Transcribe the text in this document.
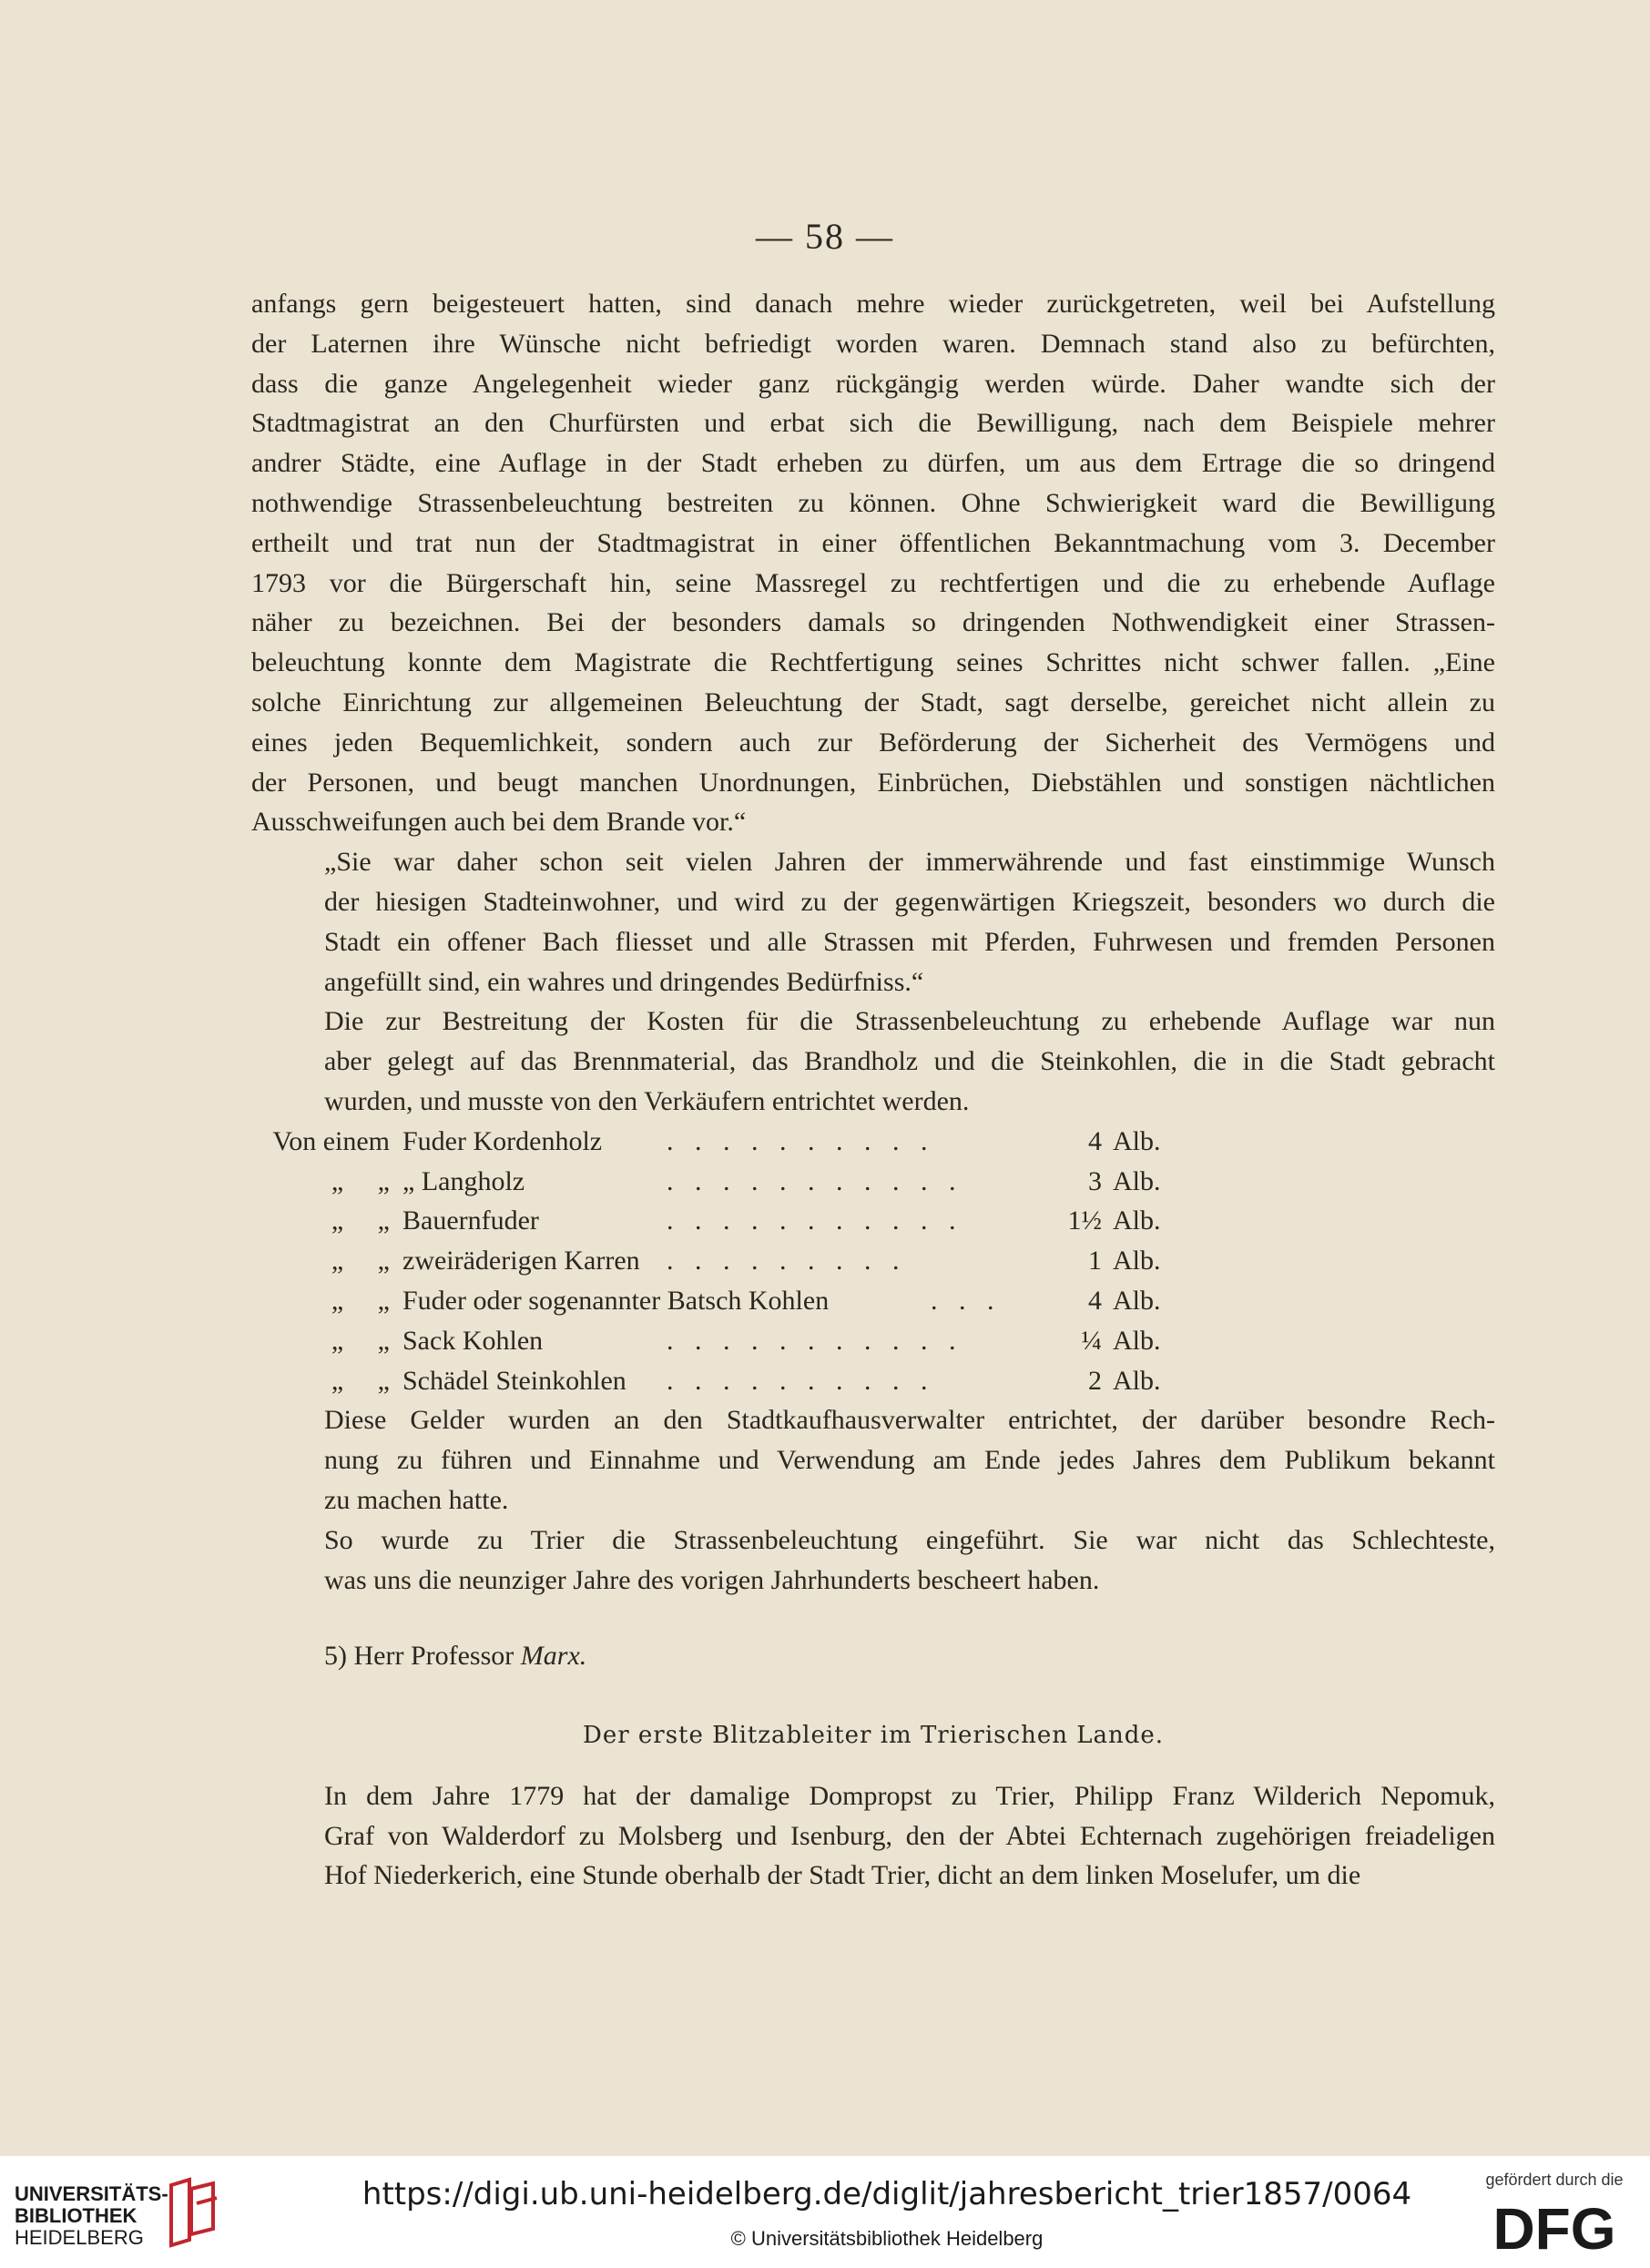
— 58 —

anfangs gern beigesteuert hatten, sind danach mehre wieder zurückgetreten, weil bei Aufstellung
der Laternen ihre Wünsche nicht befriedigt worden waren. Demnach stand also zu befürchten,
dass die ganze Angelegenheit wieder ganz rückgängig werden würde. Daher wandte sich der
Stadtmagistrat an den Churfürsten und erbat sich die Bewilligung, nach dem Beispiele mehrer
andrer Städte, eine Auflage in der Stadt erheben zu dürfen, um aus dem Ertrage die so dringend
nothwendige Strassenbeleuchtung bestreiten zu können. Ohne Schwierigkeit ward die Bewilligung
ertheilt und trat nun der Stadtmagistrat in einer öffentlichen Bekanntmachung vom 3. December
1793 vor die Bürgerschaft hin, seine Massregel zu rechtfertigen und die zu erhebende Auflage
näher zu bezeichnen. Bei der besonders damals so dringenden Nothwendigkeit einer Strassen-
beleuchtung konnte dem Magistrate die Rechtfertigung seines Schrittes nicht schwer fallen. „Eine
solche Einrichtung zur allgemeinen Beleuchtung der Stadt, sagt derselbe, gereichet nicht allein zu
eines jeden Bequemlichkeit, sondern auch zur Beförderung der Sicherheit des Vermögens und
der Personen, und beugt manchen Unordnungen, Einbrüchen, Diebstählen und sonstigen nächtlichen
Ausschweifungen auch bei dem Brande vor.“

„Sie war daher schon seit vielen Jahren der immerwährende und fast einstimmige Wunsch
der hiesigen Stadteinwohner, und wird zu der gegenwärtigen Kriegszeit, besonders wo durch die
Stadt ein offener Bach fliesset und alle Strassen mit Pferden, Fuhrwesen und fremden Personen
angefüllt sind, ein wahres und dringendes Bedürfniss.“

Die zur Bestreitung der Kosten für die Strassenbeleuchtung zu erhebende Auflage war nun
aber gelegt auf das Brennmaterial, das Brandholz und die Steinkohlen, die in die Stadt gebracht
wurden, und musste von den Verkäufern entrichtet werden.

Von einem Fuder Kordenholz	. . . . . . . . . .	4 Alb.
„     „ „ Langholz	. . . . . . . . . . .	3 Alb.
„     „ Bauernfuder	. . . . . . . . . . .	1½ Alb.
„     „ zweiräderigen Karren . . . . . . . . .	1 Alb.
„     „ Fuder oder sogenannter Batsch Kohlen	. . .	4 Alb.
„     „ Sack Kohlen	. . . . . . . . . . .	¼ Alb.
„     „ Schädel Steinkohlen	. . . . . . . . . .	2 Alb.

Diese Gelder wurden an den Stadtkaufhausverwalter entrichtet, der darüber besondre Rech-
nung zu führen und Einnahme und Verwendung am Ende jedes Jahres dem Publikum bekannt
zu machen hatte.

So wurde zu Trier die Strassenbeleuchtung eingeführt. Sie war nicht das Schlechteste,
was uns die neunziger Jahre des vorigen Jahrhunderts bescheert haben.

5) Herr Professor Marx.

Der erste Blitzableiter im Trierischen Lande.

In dem Jahre 1779 hat der damalige Dompropst zu Trier, Philipp Franz Wilderich Nepomuk,
Graf von Walderdorf zu Molsberg und Isenburg, den der Abtei Echternach zugehörigen freiadeligen
Hof Niederkerich, eine Stunde oberhalb der Stadt Trier, dicht an dem linken Moselufer, um die

UNIVERSITÄTS-
BIBLIOTHEK
HEIDELBERG
https://digi.ub.uni-heidelberg.de/diglit/jahresbericht_trier1857/0064
© Universitätsbibliothek Heidelberg
gefördert durch die
DFG
